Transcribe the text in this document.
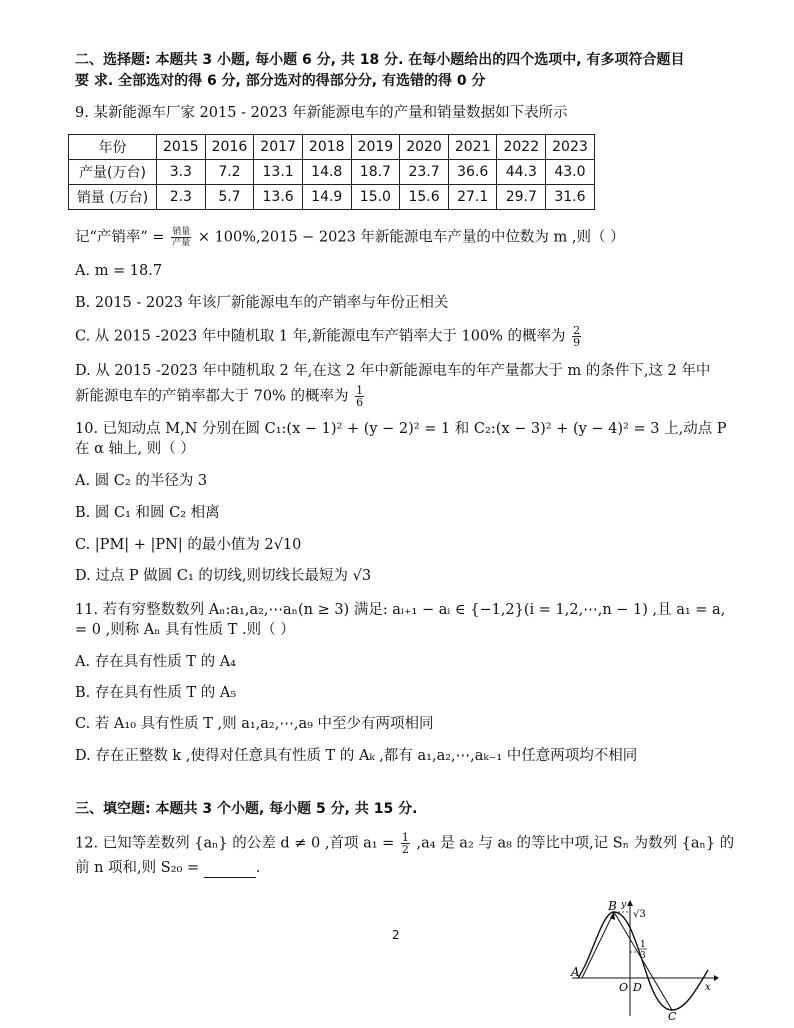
二、选择题: 本题共 3 小题, 每小题 6 分, 共 18 分. 在每小题给出的四个选项中, 有多项符合题目
要 求. 全部选对的得 6 分, 部分选对的得部分分, 有选错的得 0 分
9. 某新能源车厂家 2015 - 2023 年新能源电车的产量和销量数据如下表所示
年份	2015	2016	2017	2018	2019	2020	2021	2022	2023
产量(万台)	3.3	7.2	13.1	14.8	18.7	23.7	36.6	44.3	43.0
销量 (万台)	2.3	5.7	13.6	14.9	15.0	15.6	27.1	29.7	31.6
记“产销率” = $\frac{\text{销量}}{\text{产量}} \times 100\%,2015 - 2023$ 年新能源电车产量的中位数为 m ,则（ ）
A. m = 18.7
B. 2015 - 2023 年该厂新能源电车的产销率与年份正相关
C. 从 2015 -2023 年中随机取 1 年,新能源电车产销率大于 100% 的概率为 $\frac{2}{9}$
D. 从 2015 -2023 年中随机取 2 年,在这 2 年中新能源电车的年产量都大于 m 的条件下,这 2 年中
新能源电车的产销率都大于 70% 的概率为 $\frac{1}{6}$
10. 已知动点 M,N 分别在圆 C₁:(x − 1)² + (y − 2)² = 1 和 C₂:(x − 3)² + (y − 4)² = 3 上,动点 P
在 α 轴上, 则（ ）
A. 圆 C₂ 的半径为 3
B. 圆 C₁ 和圆 C₂ 相离
C. |PM| + |PN| 的最小值为 2√10
D. 过点 P 做圆 C₁ 的切线,则切线长最短为 √3
11. 若有穷整数数列 Aₙ:a₁,a₂,⋯aₙ(n ≥ 3) 满足: aᵢ₊₁ − aᵢ ∈ {−1,2}(i = 1,2,⋯,n − 1) ,且 a₁ = a,
= 0 ,则称 Aₙ 具有性质 T .则（ ）
A. 存在具有性质 T 的 A₄
B. 存在具有性质 T 的 A₅
C. 若 A₁₀ 具有性质 T ,则 a₁,a₂,⋯,a₉ 中至少有两项相同
D. 存在正整数 k ,使得对任意具有性质 T 的 Aₖ ,都有 a₁,a₂,⋯,aₖ₋₁ 中任意两项均不相同
三、填空题: 本题共 3 个小题, 每小题 5 分, 共 15 分.
12. 已知等差数列 {aₙ} 的公差 d ≠ 0 ,首项 $a_1 = \frac{1}{2} ,a_4$ 是 a₂ 与 a₈ 的等比中项,记 Sₙ 为数列 {aₙ} 的
前 n 项和,则 S₂₀ =	.
2
B y
√3
1
3
A
O D	x
C
